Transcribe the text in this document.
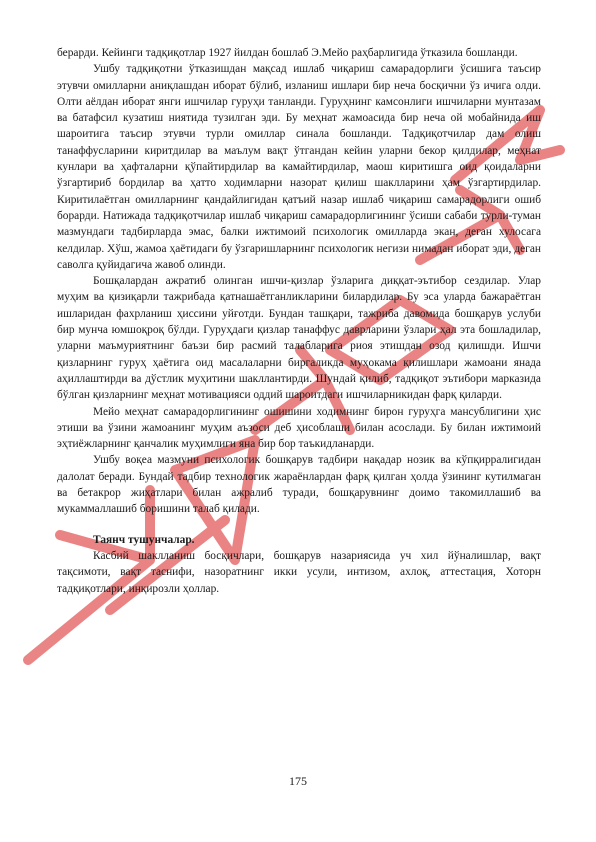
берарди. Кейинги тадқиқотлар 1927 йилдан бошлаб Э.Мейо раҳбарлигида ўтказила бошланди.

Ушбу тадқиқотни ўтказишдан мақсад ишлаб чиқариш самарадорлиги ўсишига таъсир этувчи омилларни аниқлашдан иборат бўлиб, изланиш ишлари бир неча босқични ўз ичига олди. Олти аёлдан иборат янги ишчилар гуруҳи танланди. Гуруҳнинг камсонлиги ишчиларни мунтазам ва батафсил кузатиш ниятида тузилган эди. Бу меҳнат жамоасида бир неча ой мобайнида иш шароитига таъсир этувчи турли омиллар синала бошланди. Тадқиқотчилар дам олиш танаффусларини киритдилар ва маълум вақт ўтгандан кейин уларни бекор қилдилар, меҳнат кунлари ва ҳафталарни қўпайтирдилар ва камайтирдилар, маош киритишга оид қоидаларни ўзгартириб бордилар ва ҳатто ходимларни назорат қилиш шаклларини ҳам ўзгартирдилар. Киритилаётган омилларнинг қандайлигидан қатъий назар ишлаб чиқариш самарадорлиги ошиб борарди. Натижада тадқиқотчилар ишлаб чиқариш самарадорлигининг ўсиши сабаби турли-туман мазмундаги тадбирларда эмас, балки ижтимоий психологик омилларда экан, деган хулосага келдилар. Хўш, жамоа ҳаётидаги бу ўзгаришларнинг психологик негизи нимадан иборат эди, деган саволга қуйидагича жавоб олинди.

Бошқалардан ажратиб олинган ишчи-қизлар ўзларига диққат-эътибор сездилар. Улар муҳим ва қизиқарли тажрибада қатнашаётганликларини билардилар. Бу эса уларда бажараётган ишларидан фахрланиш ҳиссини уйғотди. Бундан ташқари, тажриба давомида бошқарув услуби бир мунча юмшоқроқ бўлди. Гуруҳдаги қизлар танаффус даврларини ўзлари ҳал эта бошладилар, уларни маъмуриятнинг баъзи бир расмий талабларига риоя этишдан озод қилишди. Ишчи қизларнинг гуруҳ ҳаётига оид масалаларни биргаликда муҳокама қилишлари жамоани янада аҳиллаштирди ва дўстлик муҳитини шакллантирди. Шундай қилиб, тадқиқот эътибори марказида бўлган қизларнинг меҳнат мотивацияси оддий шароитдаги ишчиларникидан фарқ қиларди.

Мейо меҳнат самарадорлигининг ошишини ходимнинг бирон гуруҳга мансублигини ҳис этиши ва ўзини жамоанинг муҳим аъзоси деб ҳисоблаши билан асослади. Бу билан ижтимоий эҳтиёжларнинг қанчалик муҳимлиги яна бир бор таъкидланарди.

Ушбу воқеа мазмуни психологик бошқарув тадбири нақадар нозик ва кўпқирралигидан далолат беради. Бундай тадбир технологик жараёнлардан фарқ қилган ҳолда ўзининг кутилмаган ва бетакрор жиҳатлари билан ажралиб туради, бошқарувнинг доимо такомиллашиб ва мукаммаллашиб боришини талаб қилади.

Таянч тушунчалар.

Касбий шаклланиш босқичлари, бошқарув назариясида уч хил йўналишлар, вақт тақсимоти, вақт таснифи, назоратнинг икки усули, интизом, ахлоқ, аттестация, Хоторн тадқиқотлари, инқирозли ҳоллар.

175
